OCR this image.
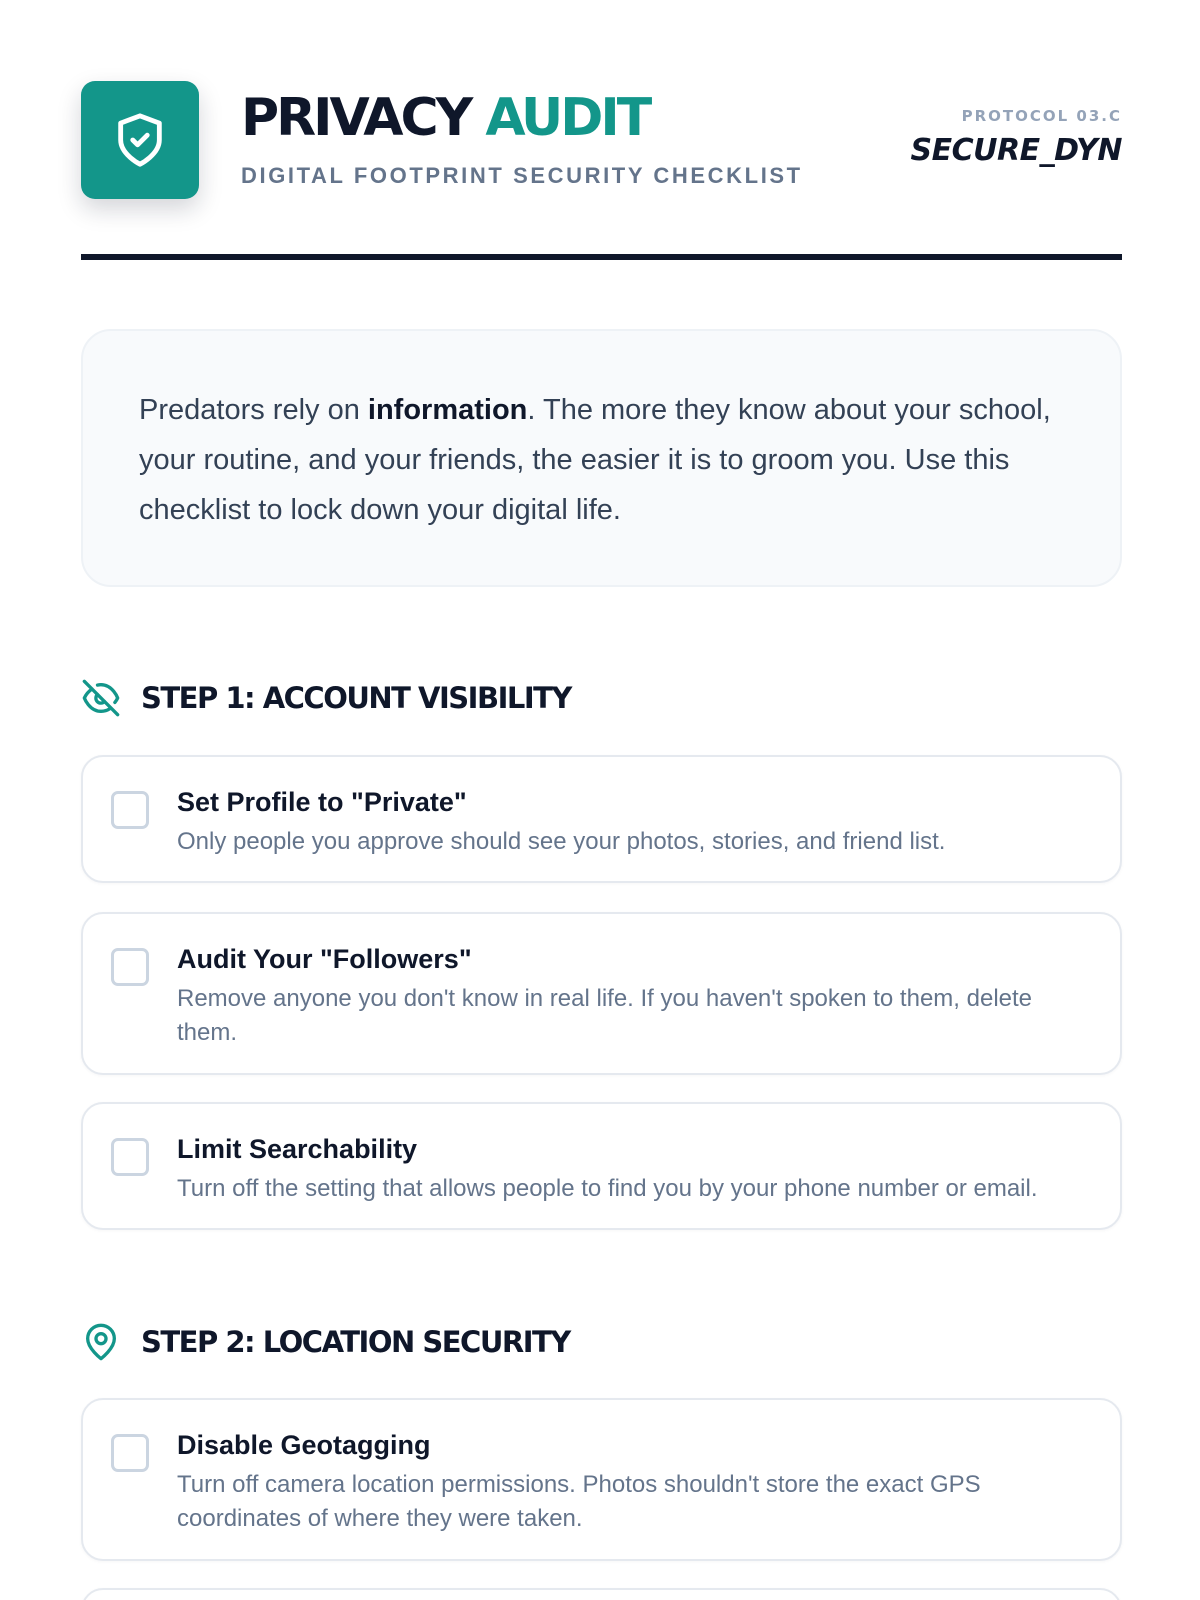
PRIVACY AUDIT
DIGITAL FOOTPRINT SECURITY CHECKLIST
PROTOCOL 03.C
SECURE_DYN

Predators rely on information. The more they know about your school, your routine, and your friends, the easier it is to groom you. Use this checklist to lock down your digital life.

STEP 1: ACCOUNT VISIBILITY
Set Profile to "Private"
Only people you approve should see your photos, stories, and friend list.
Audit Your "Followers"
Remove anyone you don't know in real life. If you haven't spoken to them, delete them.
Limit Searchability
Turn off the setting that allows people to find you by your phone number or email.
STEP 2: LOCATION SECURITY
Disable Geotagging
Turn off camera location permissions. Photos shouldn't store the exact GPS coordinates of where they were taken.
